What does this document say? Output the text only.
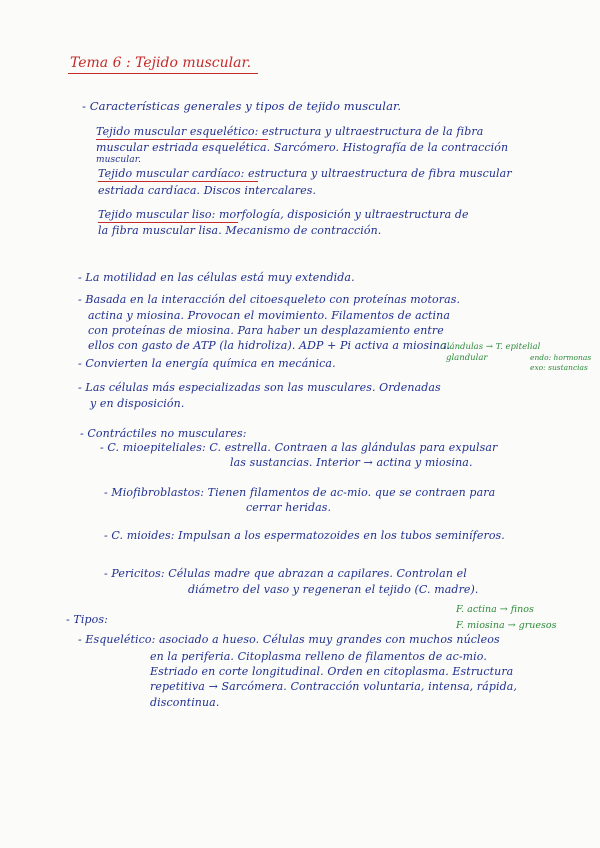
Tema 6 : Tejido muscular.
- Características generales y tipos de tejido muscular.
Tejido muscular esquelético: estructura y ultraestructura de la fibra
muscular estriada esquelética. Sarcómero. Histografía de la contracción
muscular.
Tejido muscular cardíaco: estructura y ultraestructura de fibra muscular
estriada cardíaca. Discos intercalares.
Tejido muscular liso: morfología, disposición y ultraestructura de
la fibra muscular lisa. Mecanismo de contracción.
- La motilidad en las células está muy extendida.
- Basada en la interacción del citoesqueleto con proteínas motoras.
actina y miosina. Provocan el movimiento. Filamentos de actina
con proteínas de miosina. Para haber un desplazamiento entre
ellos con gasto de ATP (la hidroliza). ADP + Pi activa a miosina.
- Convierten la energía química en mecánica.
Glándulas → T. epitelial
glandular	endo: hormonas
exo: sustancias
- Las células más especializadas son las musculares. Ordenadas
y en disposición.
- Contráctiles no musculares:
- C. mioepiteliales: C. estrella. Contraen a las glándulas para expulsar
las sustancias. Interior → actina y miosina.
- Miofibroblastos: Tienen filamentos de ac-mio. que se contraen para
cerrar heridas.
- C. mioides: Impulsan a los espermatozoides en los tubos seminíferos.
- Pericitos: Células madre que abrazan a capilares. Controlan el
diámetro del vaso y regeneran el tejido (C. madre).
- Tipos:
F. actina → finos
F. miosina → gruesos
- Esquelético: asociado a hueso. Células muy grandes con muchos núcleos
en la periferia. Citoplasma relleno de filamentos de ac-mio.
Estriado en corte longitudinal. Orden en citoplasma. Estructura
repetitiva → Sarcómera. Contracción voluntaria, intensa, rápida,
discontinua.
